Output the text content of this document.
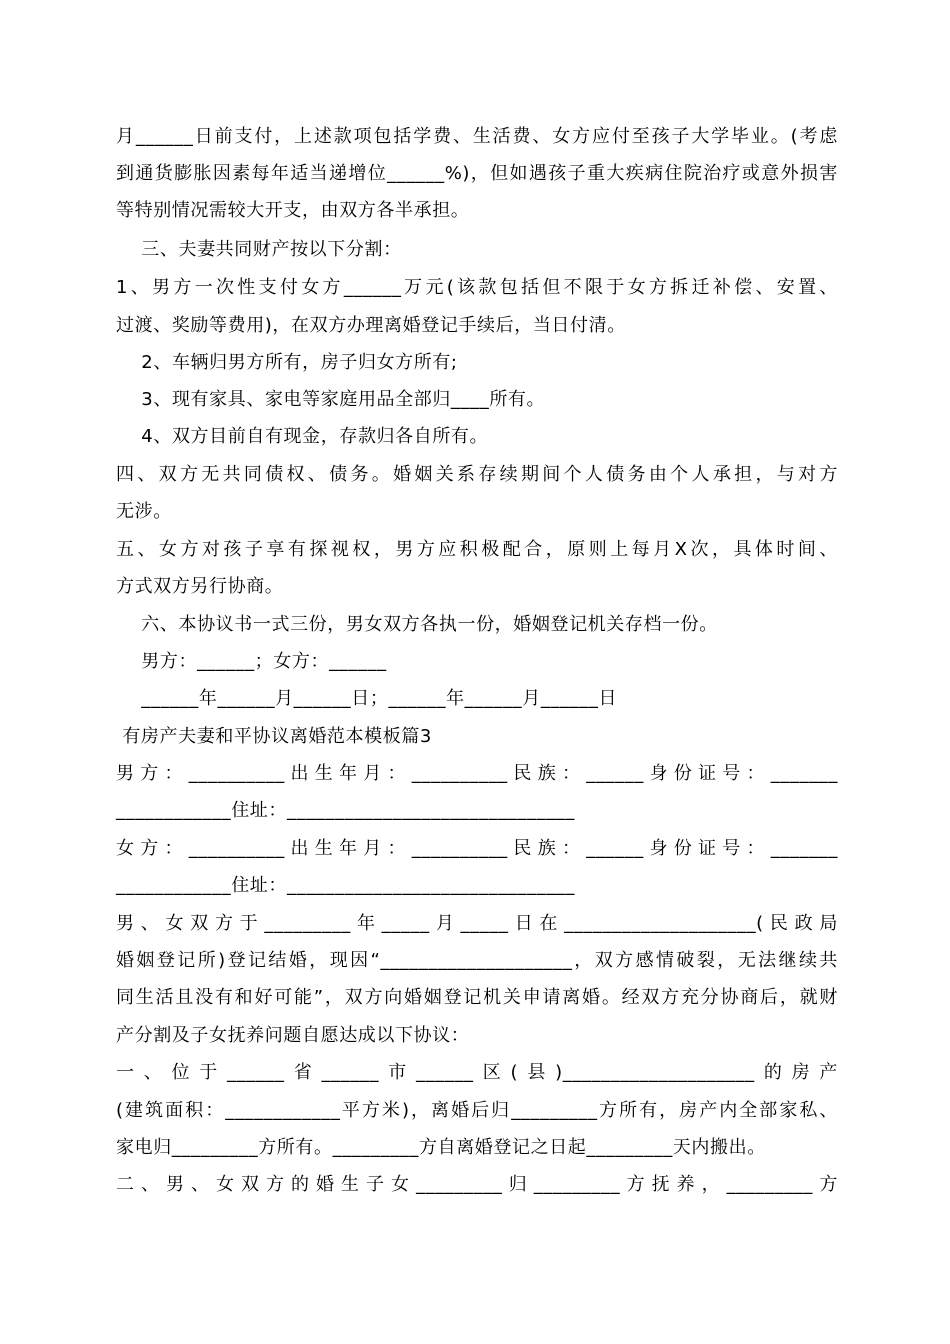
月______日前支付，上述款项包括学费、生活费、女方应付至孩子大学毕业。(考虑
到通货膨胀因素每年适当递增位______%)，但如遇孩子重大疾病住院治疗或意外损害
等特别情况需较大开支，由双方各半承担。
三、夫妻共同财产按以下分割：
1、男方一次性支付女方______万元(该款包括但不限于女方拆迁补偿、安置、
过渡、奖励等费用)，在双方办理离婚登记手续后，当日付清。
2、车辆归男方所有，房子归女方所有;
3、现有家具、家电等家庭用品全部归____所有。
4、双方目前自有现金，存款归各自所有。
四、双方无共同债权、债务。婚姻关系存续期间个人债务由个人承担，与对方
无涉。
五、女方对孩子享有探视权，男方应积极配合，原则上每月X次，具体时间、
方式双方另行协商。
六、本协议书一式三份，男女双方各执一份，婚姻登记机关存档一份。
男方：______；女方：______
______年______月______日；______年______月______日
有房产夫妻和平协议离婚范本模板篇3
男方：__________出生年月：__________民族：______身份证号：_______
____________住址：______________________________
女方：__________出生年月：__________民族：______身份证号：_______
____________住址：______________________________
男、女双方于_________年_____月_____日在____________________(民政局
婚姻登记所)登记结婚，现因“____________________，双方感情破裂，无法继续共
同生活且没有和好可能”，双方向婚姻登记机关申请离婚。经双方充分协商后，就财
产分割及子女抚养问题自愿达成以下协议：
一、位于______省______市______区(县)____________________的房产
(建筑面积：____________平方米)，离婚后归_________方所有，房产内全部家私、
家电归_________方所有。_________方自离婚登记之日起_________天内搬出。
二、男、女双方的婚生子女_________归_________方抚养，_________方
